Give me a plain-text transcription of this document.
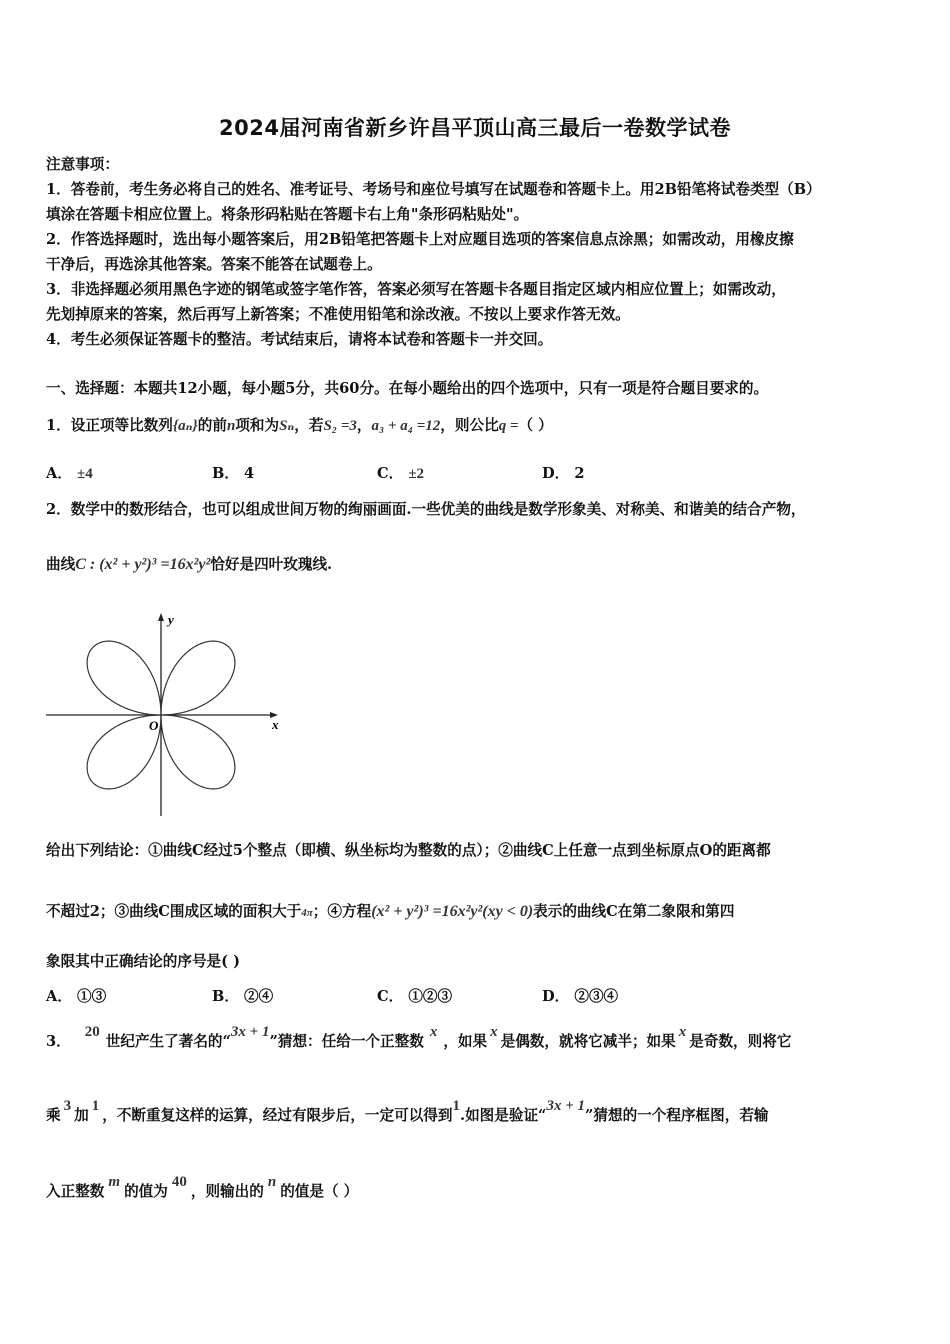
2024届河南省新乡许昌平顶山高三最后一卷数学试卷
注意事项：
1．答卷前，考生务必将自己的姓名、准考证号、考场号和座位号填写在试题卷和答题卡上。用2B铅笔将试卷类型（B）
填涂在答题卡相应位置上。将条形码粘贴在答题卡右上角"条形码粘贴处"。
2．作答选择题时，选出每小题答案后，用2B铅笔把答题卡上对应题目选项的答案信息点涂黑；如需改动，用橡皮擦
干净后，再选涂其他答案。答案不能答在试题卷上。
3．非选择题必须用黑色字迹的钢笔或签字笔作答，答案必须写在答题卡各题目指定区域内相应位置上；如需改动，
先划掉原来的答案，然后再写上新答案；不准使用铅笔和涂改液。不按以上要求作答无效。
4．考生必须保证答题卡的整洁。考试结束后，请将本试卷和答题卡一并交回。
一、选择题：本题共12小题，每小题5分，共60分。在每小题给出的四个选项中，只有一项是符合题目要求的。
1．设正项等比数列{aₙ}的前n项和为Sₙ，若S₂ =3，a₃ + a₄ =12，则公比q =（ ）
A． ±4	B． 4	C． ±2	D． 2
2．数学中的数形结合，也可以组成世间万物的绚丽画面.一些优美的曲线是数学形象美、对称美、和谐美的结合产物，
曲线C : (x² + y²)³ =16x²y²恰好是四叶玫瑰线.
y
x
O
给出下列结论：①曲线C经过5个整点（即横、纵坐标均为整数的点）；②曲线C上任意一点到坐标原点O的距离都
不超过2；③曲线C围成区域的面积大于4π；④方程(x² + y²)³ =16x²y²(xy < 0)表示的曲线C在第二象限和第四
象限其中正确结论的序号是( )
A． ①③	B． ②④	C． ①②③	D． ②③④
3．20世纪产生了著名的“3x + 1”猜想：任给一个正整数x，如果x是偶数，就将它减半；如果x是奇数，则将它
乘3加1，不断重复这样的运算，经过有限步后，一定可以得到1.如图是验证“3x + 1”猜想的一个程序框图，若输
入正整数m的值为40，则输出的n的值是（ ）
